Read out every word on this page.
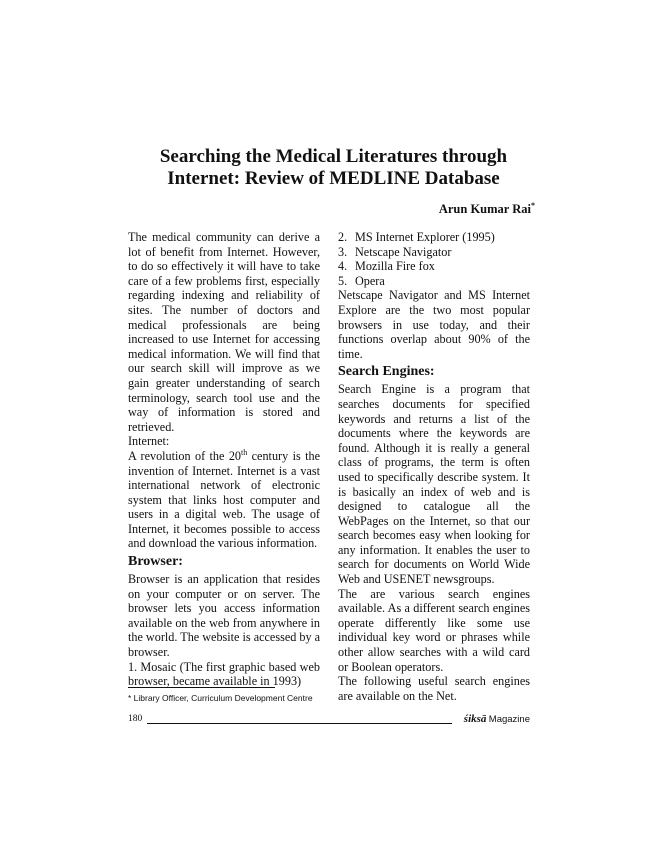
Searching the Medical Literatures through
Internet: Review of MEDLINE Database
Arun Kumar Rai*

The medical community can derive a lot of benefit from Internet. However, to do so effectively it will have to take care of a few problems first, especially regarding indexing and reliability of sites. The number of doctors and medical professionals are being increased to use Internet for accessing medical information. We will find that our search skill will improve as we gain greater understanding of search terminology, search tool use and the way of information is stored and retrieved.

Internet:

A revolution of the 20th century is the invention of Internet. Internet is a vast international network of electronic system that links host computer and users in a digital web. The usage of Internet, it becomes possible to access and download the various information.

Browser:

Browser is an application that resides on your computer or on server. The browser lets you access information available on the web from anywhere in the world. The website is accessed by a browser.

1. Mosaic (The first graphic based web browser, became available in 1993)

2. MS Internet Explorer (1995)
3. Netscape Navigator
4. Mozilla Fire fox
5. Opera

Netscape Navigator and MS Internet Explore are the two most popular browsers in use today, and their functions overlap about 90% of the time.

Search Engines:

Search Engine is a program that searches documents for specified keywords and returns a list of the documents where the keywords are found. Although it is really a general class of programs, the term is often used to specifically describe system. It is basically an index of web and is designed to catalogue all the WebPages on the Internet, so that our search becomes easy when looking for any information. It enables the user to search for documents on World Wide Web and USENET newsgroups.

The are various search engines available. As a different search engines operate differently like some use individual key word or phrases while other allow searches with a wild card or Boolean operators.

The following useful search engines are available on the Net.

* Library Officer, Curriculum Development Centre
180	śiksā Magazine
